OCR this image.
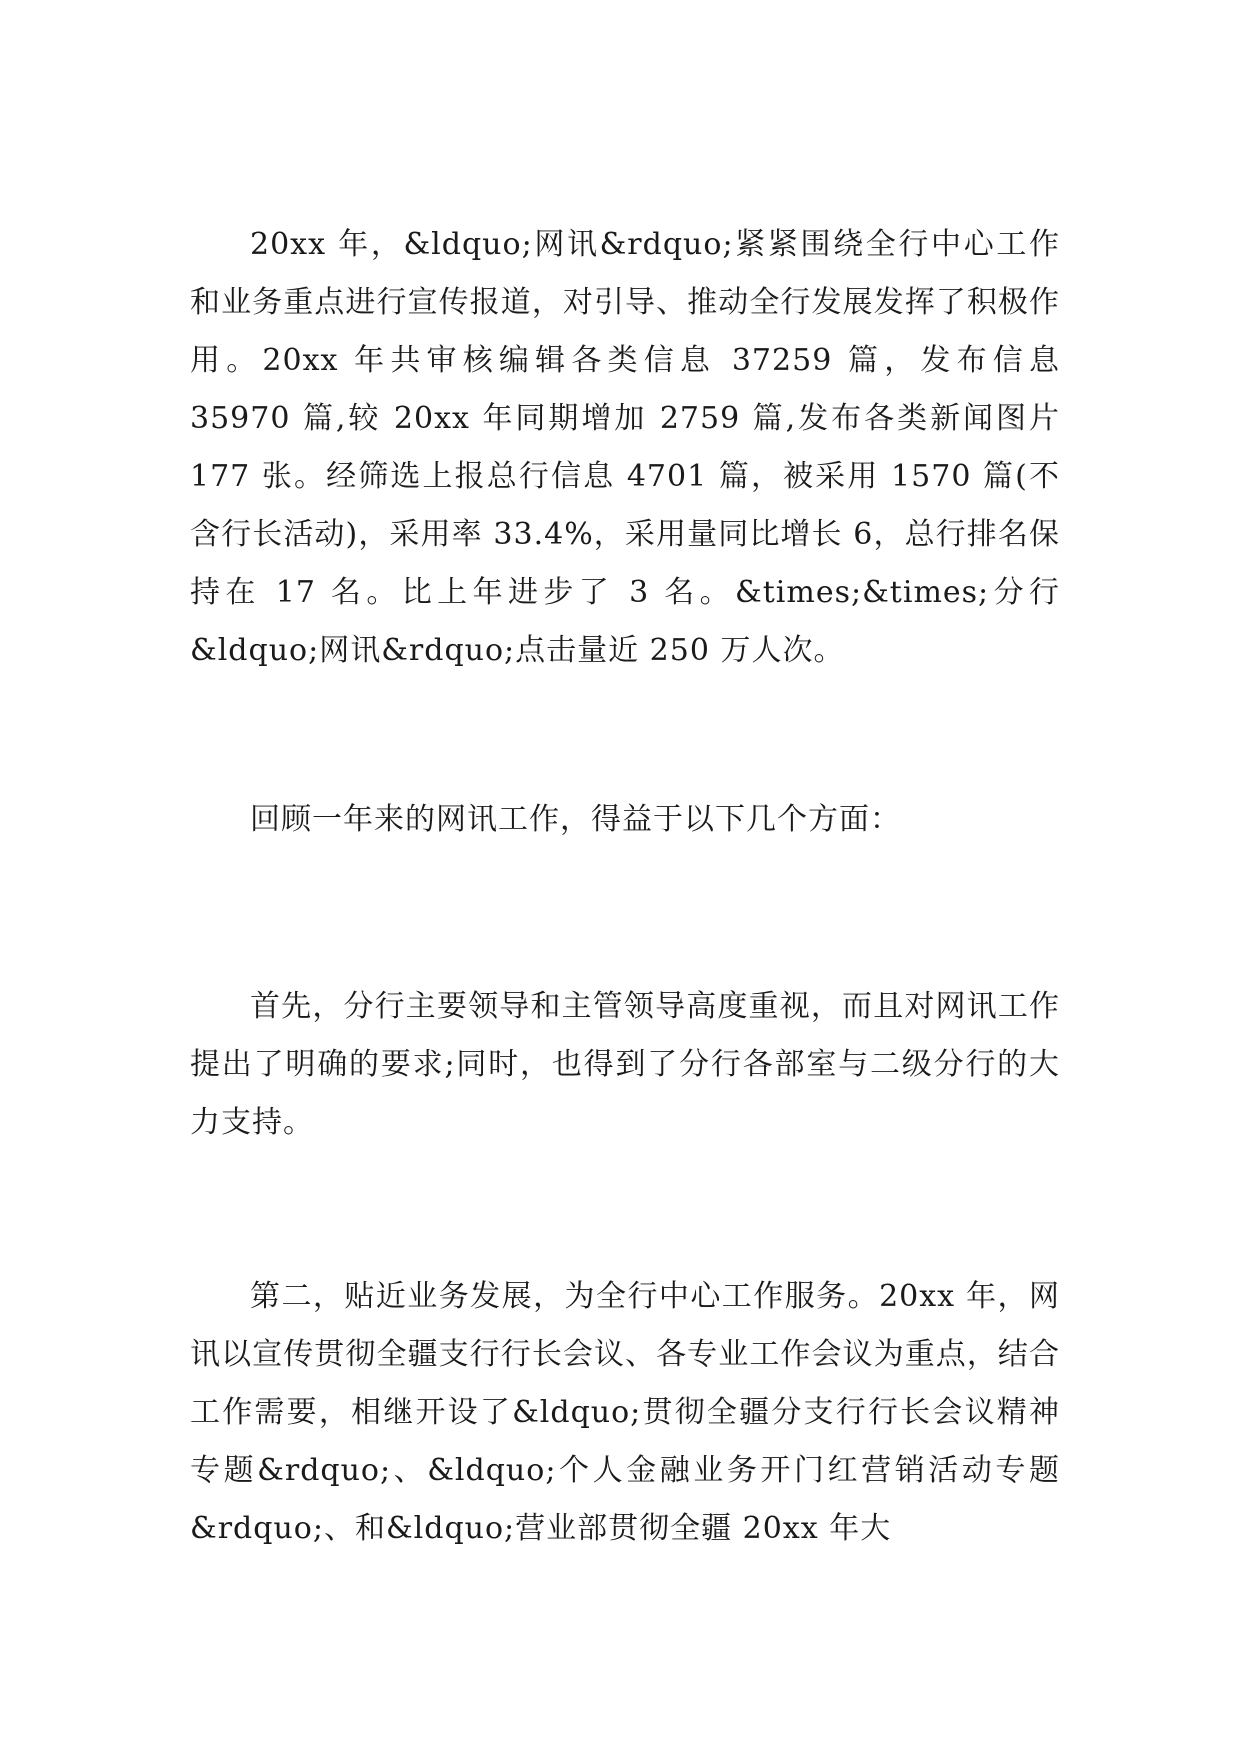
20xx 年，&ldquo;网讯&rdquo;紧紧围绕全行中心工作和业务重点进行宣传报道，对引导、推动全行发展发挥了积极作用。20xx 年共审核编辑各类信息 37259 篇，发布信息 35970 篇,较 20xx 年同期增加 2759 篇,发布各类新闻图片 177 张。经筛选上报总行信息 4701 篇，被采用 1570 篇(不含行长活动)，采用率 33.4%，采用量同比增长 6，总行排名保持在 17 名。比上年进步了 3 名。&times;&times;分行&ldquo;网讯&rdquo;点击量近 250 万人次。

回顾一年来的网讯工作，得益于以下几个方面：

首先，分行主要领导和主管领导高度重视，而且对网讯工作提出了明确的要求;同时，也得到了分行各部室与二级分行的大力支持。

第二，贴近业务发展，为全行中心工作服务。20xx 年，网讯以宣传贯彻全疆支行行长会议、各专业工作会议为重点，结合工作需要，相继开设了&ldquo;贯彻全疆分支行行长会议精神专题&rdquo;、&ldquo;个人金融业务开门红营销活动专题&rdquo;、和&ldquo;营业部贯彻全疆 20xx 年大
